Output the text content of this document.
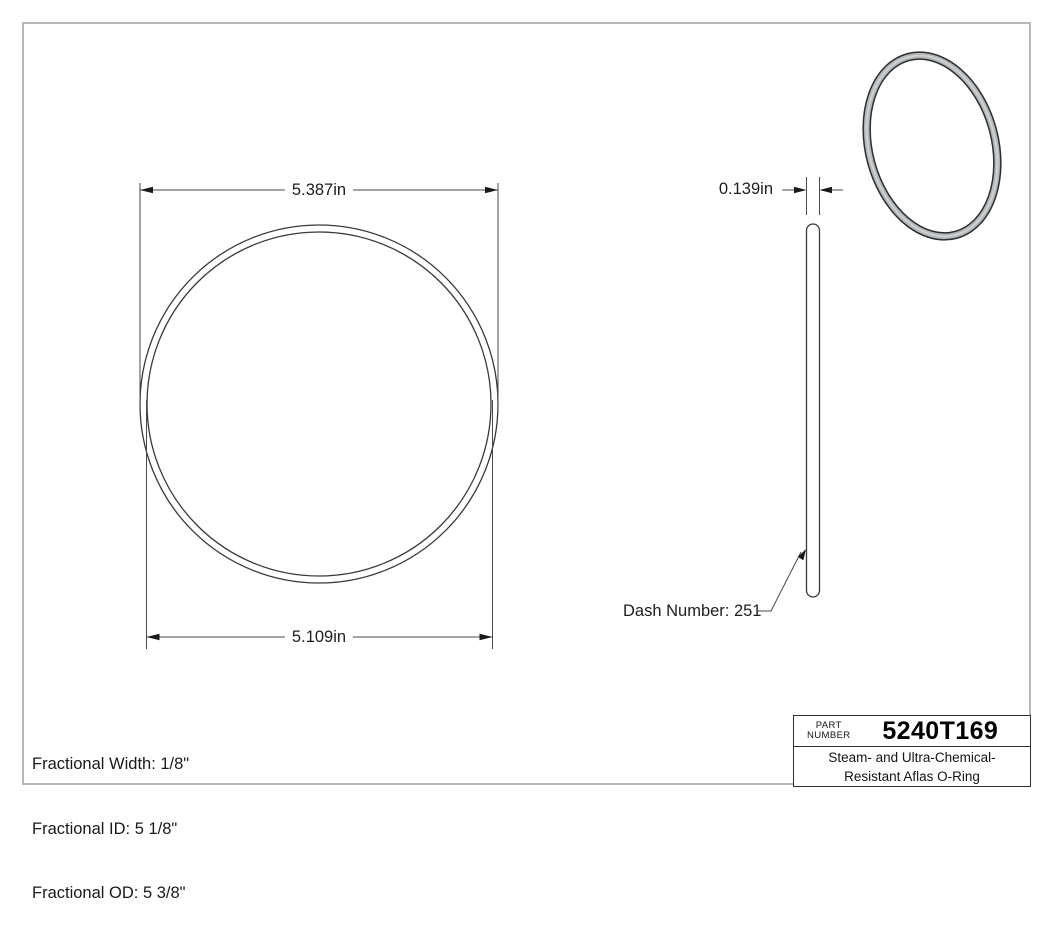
5.387in
5.109in
0.139in
Dash Number: 251

Fractional Width: 1/8"

Fractional ID: 5 1/8"

Fractional OD: 5 3/8"

PART
NUMBER	5240T169
Steam- and Ultra-Chemical-
Resistant Aflas O-Ring
